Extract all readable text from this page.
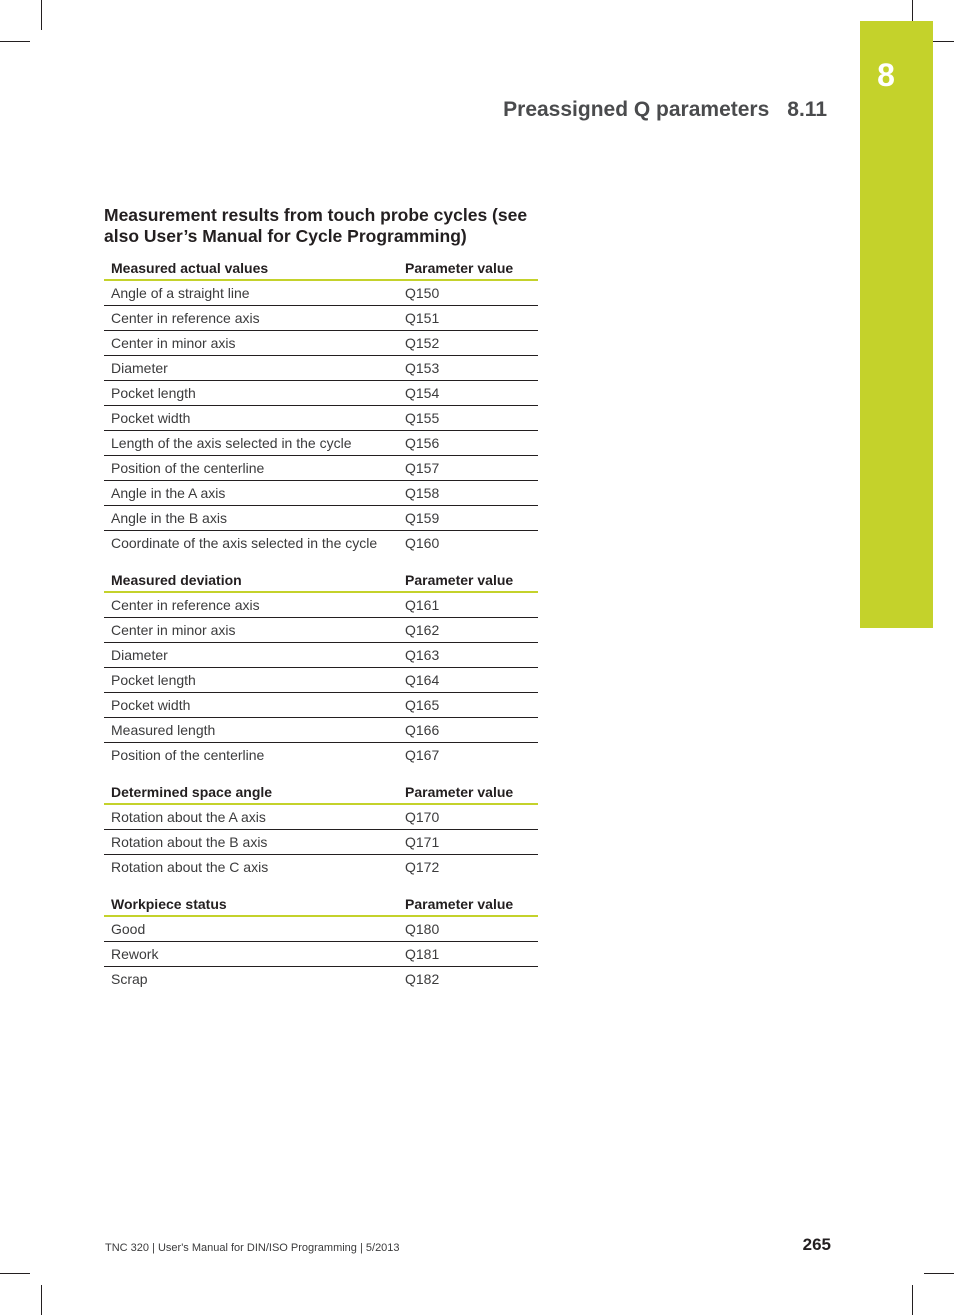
8
Preassigned Q parameters 8.11
Measurement results from touch probe cycles (see also User’s Manual for Cycle Programming)
Measured actual values	Parameter value
Angle of a straight line	Q150
Center in reference axis	Q151
Center in minor axis	Q152
Diameter	Q153
Pocket length	Q154
Pocket width	Q155
Length of the axis selected in the cycle	Q156
Position of the centerline	Q157
Angle in the A axis	Q158
Angle in the B axis	Q159
Coordinate of the axis selected in the cycle	Q160
Measured deviation	Parameter value
Center in reference axis	Q161
Center in minor axis	Q162
Diameter	Q163
Pocket length	Q164
Pocket width	Q165
Measured length	Q166
Position of the centerline	Q167
Determined space angle	Parameter value
Rotation about the A axis	Q170
Rotation about the B axis	Q171
Rotation about the C axis	Q172
Workpiece status	Parameter value
Good	Q180
Rework	Q181
Scrap	Q182
TNC 320 | User's Manual for DIN/ISO Programming | 5/2013	265
